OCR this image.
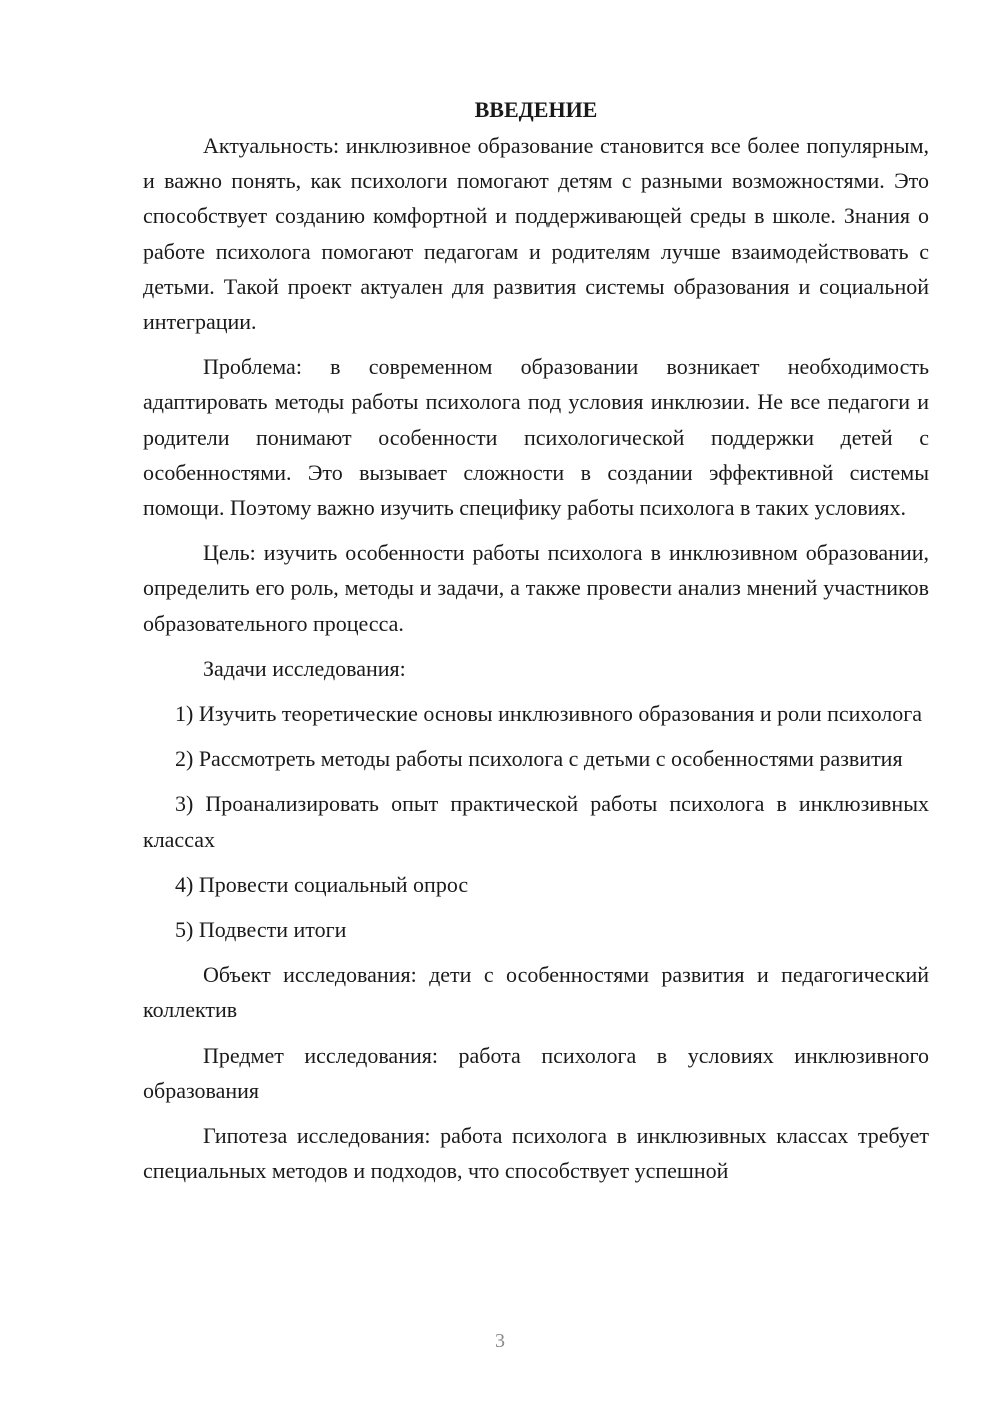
ВВЕДЕНИЕ

Актуальность: инклюзивное образование становится все более популярным, и важно понять, как психологи помогают детям с разными возможностями. Это способствует созданию комфортной и поддерживающей среды в школе. Знания о работе психолога помогают педагогам и родителям лучше взаимодействовать с детьми. Такой проект актуален для развития системы образования и социальной интеграции.

Проблема: в современном образовании возникает необходимость адаптировать методы работы психолога под условия инклюзии. Не все педагоги и родители понимают особенности психологической поддержки детей с особенностями. Это вызывает сложности в создании эффективной системы помощи. Поэтому важно изучить специфику работы психолога в таких условиях.

Цель: изучить особенности работы психолога в инклюзивном образовании, определить его роль, методы и задачи, а также провести анализ мнений участников образовательного процесса.

Задачи исследования:

1) Изучить теоретические основы инклюзивного образования и роли психолога

2) Рассмотреть методы работы психолога с детьми с особенностями развития

3) Проанализировать опыт практической работы психолога в инклюзивных классах

4) Провести социальный опрос

5) Подвести итоги

Объект исследования: дети с особенностями развития и педагогический коллектив

Предмет исследования: работа психолога в условиях инклюзивного образования

Гипотеза исследования: работа психолога в инклюзивных классах требует специальных методов и подходов, что способствует успешной

3
